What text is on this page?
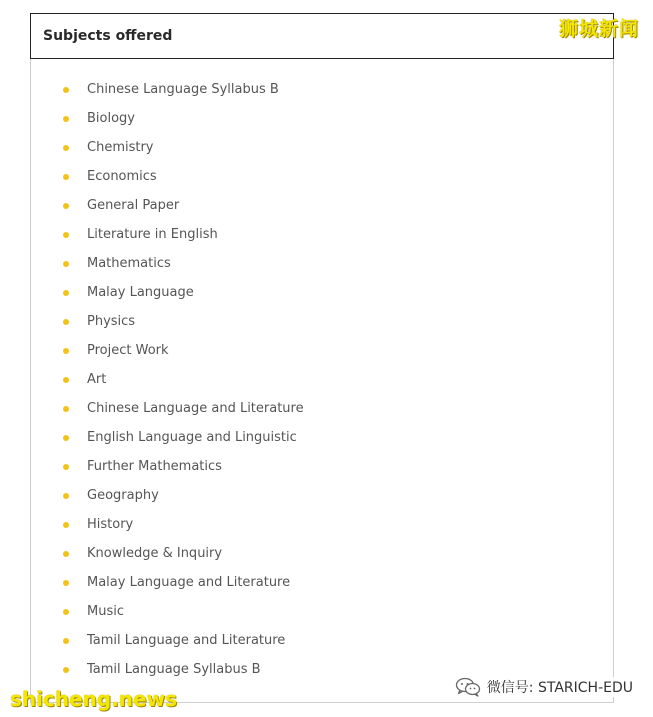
Subjects offered
Chinese Language Syllabus B
Biology
Chemistry
Economics
General Paper
Literature in English
Mathematics
Malay Language
Physics
Project Work
Art
Chinese Language and Literature
English Language and Linguistic
Further Mathematics
Geography
History
Knowledge & Inquiry
Malay Language and Literature
Music
Tamil Language and Literature
Tamil Language Syllabus B
狮城新闻
shicheng.news	微信号: STARICH-EDU
